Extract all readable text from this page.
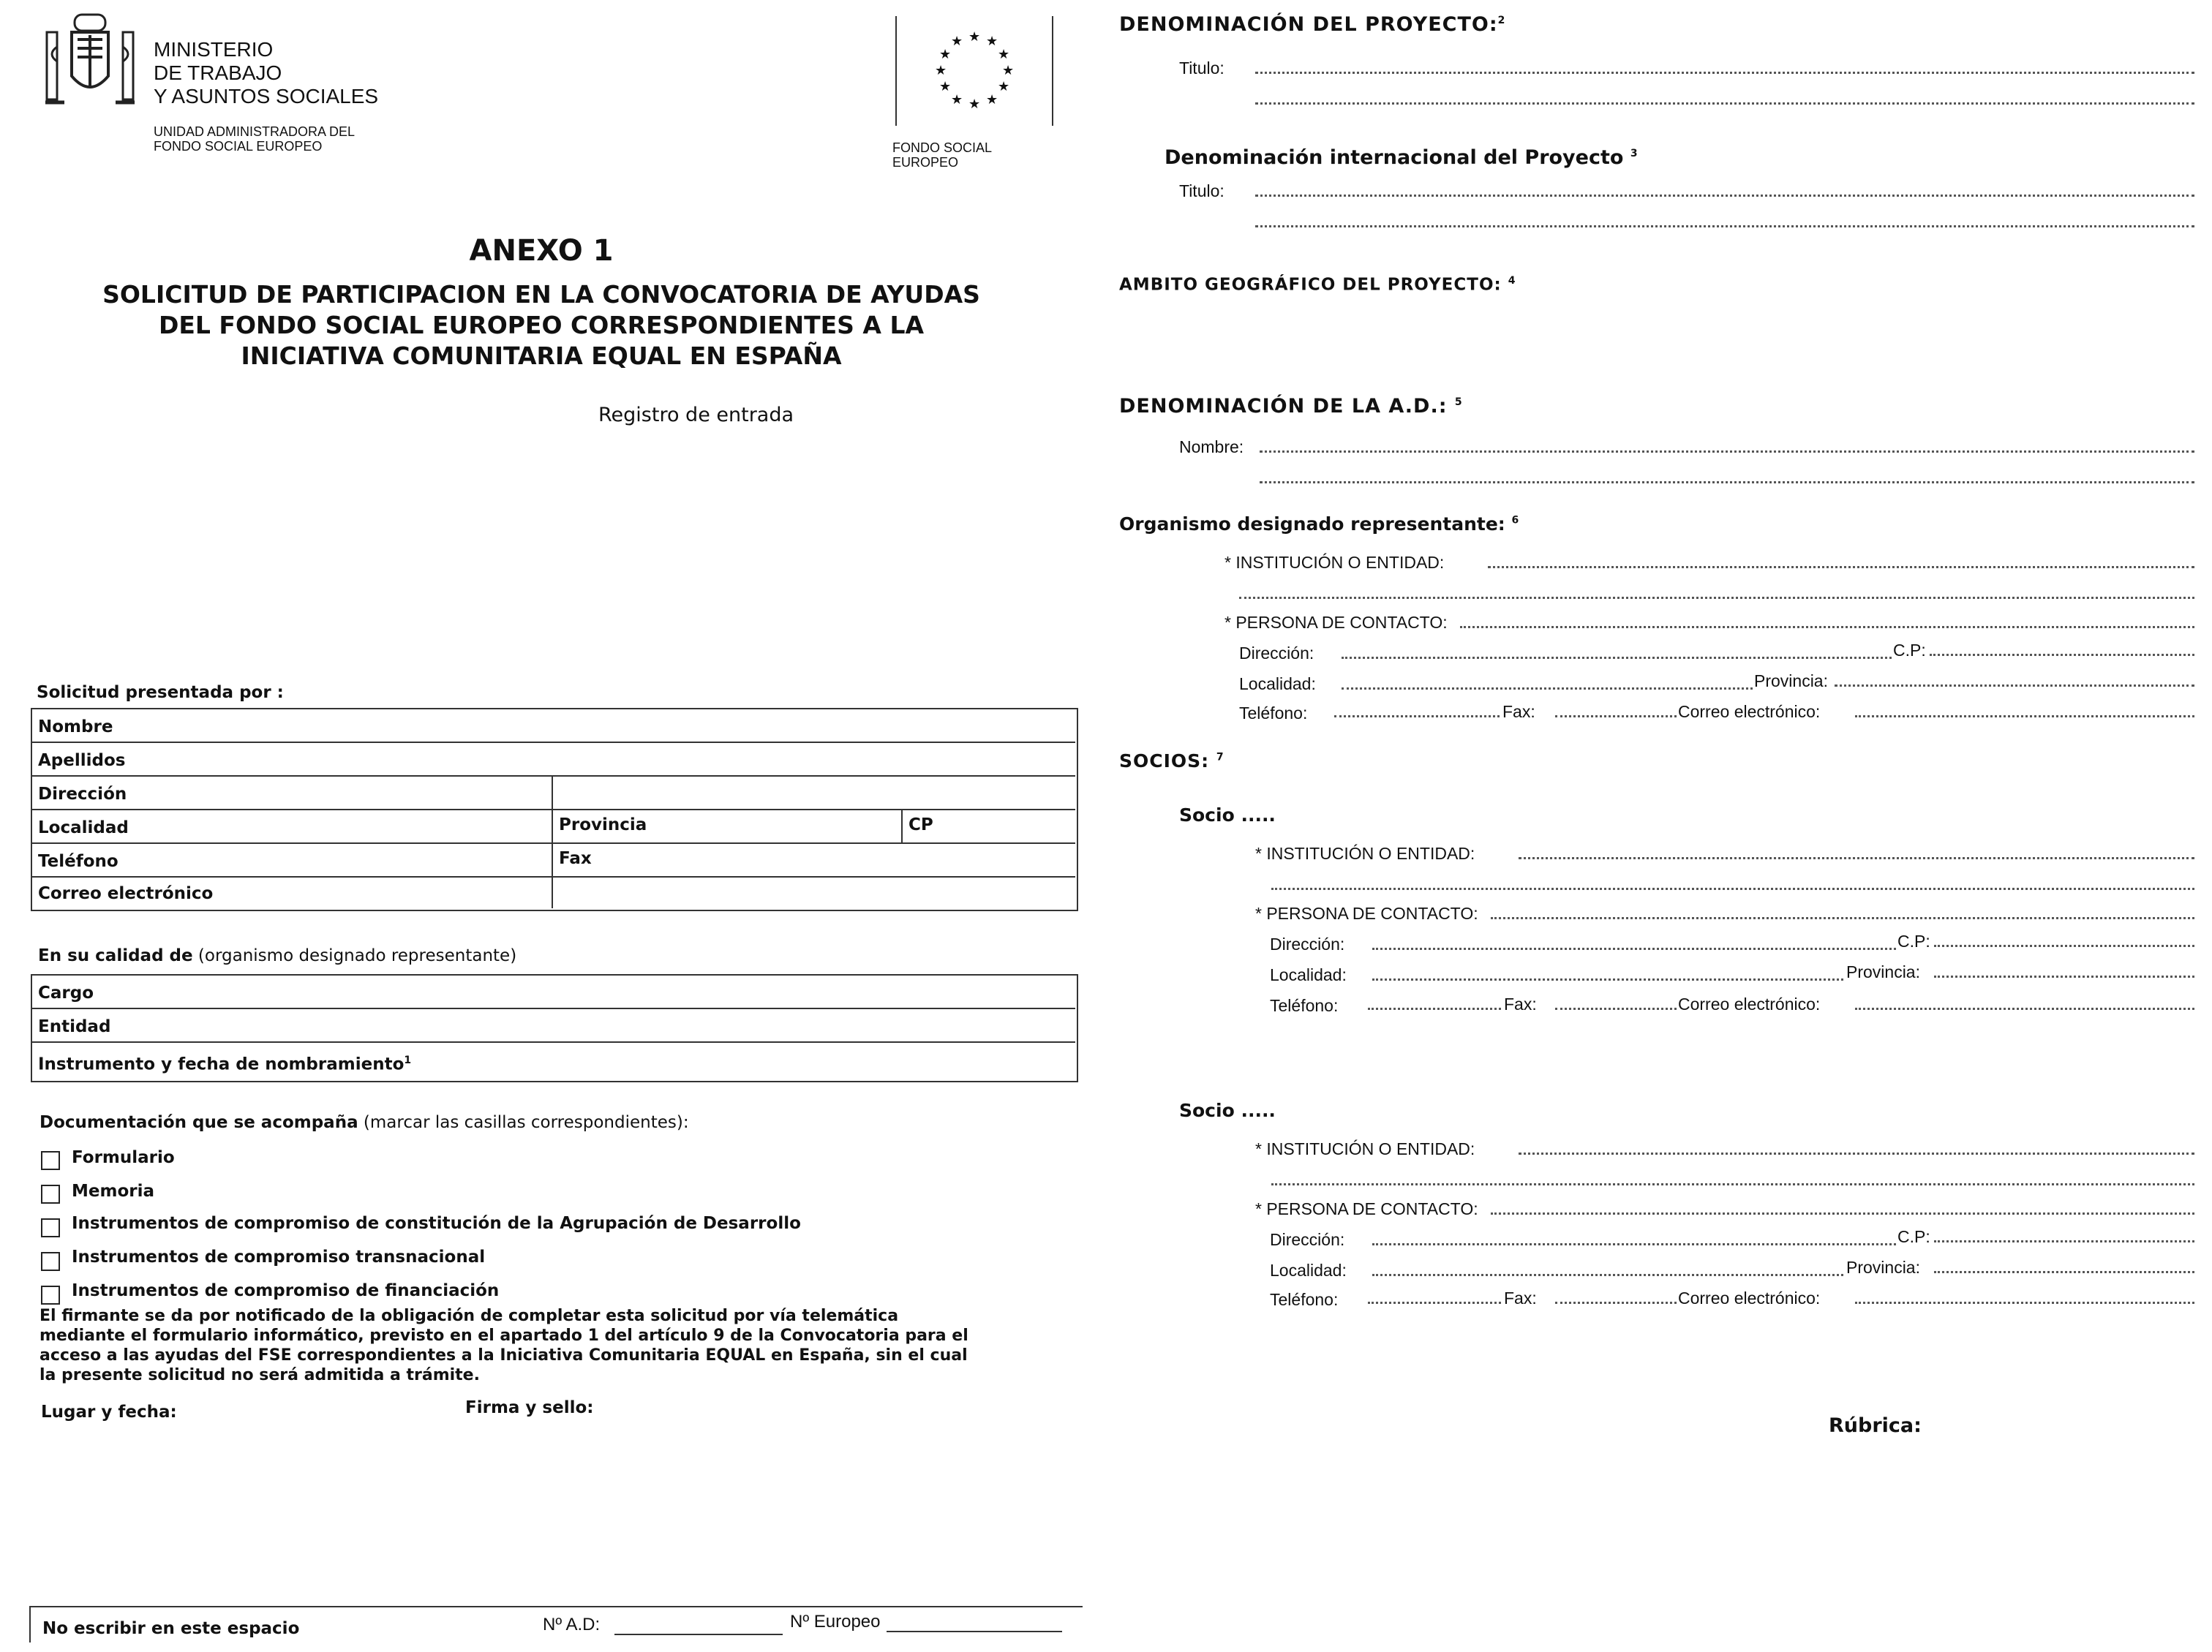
MINISTERIO
DE TRABAJO
Y ASUNTOS SOCIALES
UNIDAD ADMINISTRADORA DEL
FONDO SOCIAL EUROPEO
★ ★
★
★
★
★
★
★
★
★
★
★
FONDO SOCIAL
EUROPEO
ANEXO 1
SOLICITUD DE PARTICIPACION EN LA CONVOCATORIA DE AYUDAS
DEL FONDO SOCIAL EUROPEO CORRESPONDIENTES A LA
INICIATIVA COMUNITARIA EQUAL EN ESPAÑA
Registro de entrada
Solicitud presentada por :
Nombre
Apellidos
Dirección
Localidad	Provincia	CP
Teléfono	Fax
Correo electrónico
En su calidad de (organismo designado representante)
Cargo
Entidad
Instrumento y fecha de nombramiento$^1$
Documentación que se acompaña (marcar las casillas correspondientes):
Formulario
Memoria
Instrumentos de compromiso de constitución de la Agrupación de Desarrollo
Instrumentos de compromiso transnacional
Instrumentos de compromiso de financiación
El firmante se da por notificado de la obligación de completar esta solicitud por vía telemática
mediante el formulario informático, previsto en el apartado 1 del artículo 9 de la Convocatoria para el
acceso a las ayudas del FSE correspondientes a la Iniciativa Comunitaria EQUAL en España, sin el cual
la presente solicitud no será admitida a trámite.
Lugar y fecha:	Firma y sello:
No escribir en este espacio	Nº A.D:	Nº Europeo
DENOMINACIÓN DEL PROYECTO:$^2$
Titulo:
Denominación internacional del Proyecto $^3$
Titulo:
AMBITO GEOGRÁFICO DEL PROYECTO: $^4$
DENOMINACIÓN DE LA A.D.: $^5$
Nombre:
Organismo designado representante: $^6$
* INSTITUCIÓN O ENTIDAD:
* PERSONA DE CONTACTO:
Dirección:	C.P:
Localidad:	Provincia:
Teléfono:	Fax:	Correo electrónico:
SOCIOS: $^7$
Socio .....
* INSTITUCIÓN O ENTIDAD:
* PERSONA DE CONTACTO:
Dirección:	C.P:
Localidad:	Provincia:
Teléfono:	Fax:	Correo electrónico:
Socio .....
* INSTITUCIÓN O ENTIDAD:
* PERSONA DE CONTACTO:
Dirección:	C.P:
Localidad:	Provincia:
Teléfono:	Fax:	Correo electrónico:
Rúbrica:
